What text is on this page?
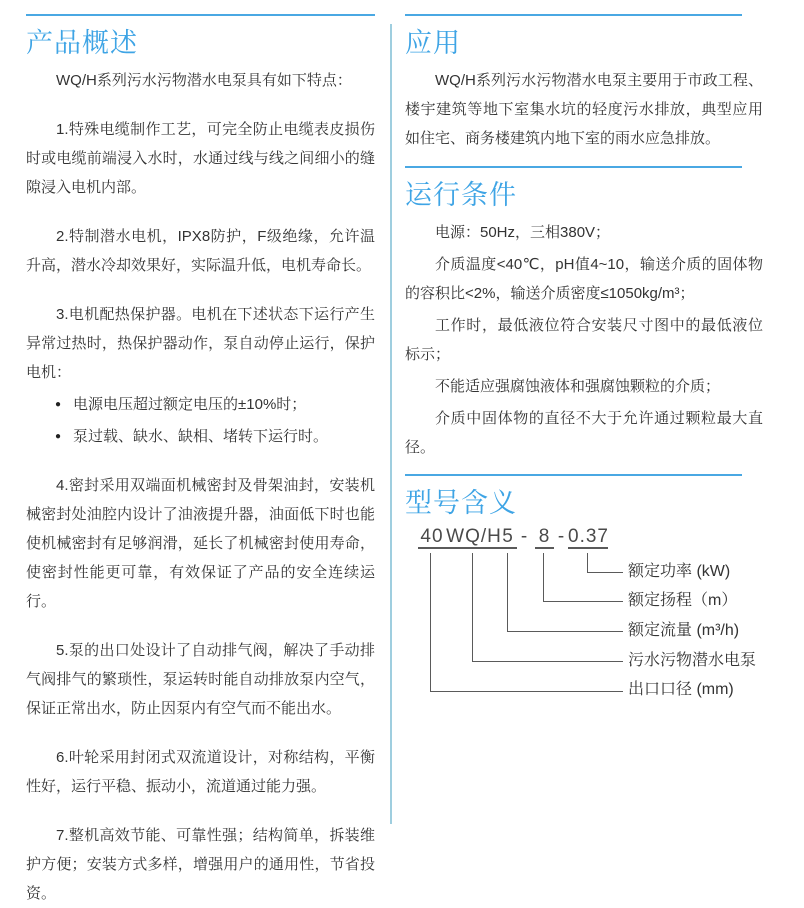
产品概述

WQ/H系列污水污物潜水电泵具有如下特点：

1.特殊电缆制作工艺，可完全防止电缆表皮损伤时或电缆前端浸入水时，水通过线与线之间细小的缝隙浸入电机内部。

2.特制潜水电机，IPX8防护，F级绝缘，允许温升高，潜水冷却效果好，实际温升低，电机寿命长。

3.电机配热保护器。电机在下述状态下运行产生异常过热时，热保护器动作，泵自动停止运行，保护电机：

● 电源电压超过额定电压的±10%时；
● 泵过载、缺水、缺相、堵转下运行时。

4.密封采用双端面机械密封及骨架油封，安装机械密封处油腔内设计了油液提升器，油面低下时也能使机械密封有足够润滑，延长了机械密封使用寿命，使密封性能更可靠，有效保证了产品的安全连续运行。

5.泵的出口处设计了自动排气阀，解决了手动排气阀排气的繁琐性，泵运转时能自动排放泵内空气，保证正常出水，防止因泵内有空气而不能出水。

6.叶轮采用封闭式双流道设计，对称结构，平衡性好，运行平稳、振动小，流道通过能力强。

7.整机高效节能、可靠性强；结构简单，拆装维护方便；安装方式多样，增强用户的通用性，节省投资。

应用

WQ/H系列污水污物潜水电泵主要用于市政工程、楼宇建筑等地下室集水坑的轻度污水排放，典型应用如住宅、商务楼建筑内地下室的雨水应急排放。

运行条件

电源：50Hz，三相380V；

介质温度<40℃，pH值4~10，输送介质的固体物的容积比<2%，输送介质密度≤1050kg/m³；

工作时，最低液位符合安装尺寸图中的最低液位标示；

不能适应强腐蚀液体和强腐蚀颗粒的介质；

介质中固体物的直径不大于允许通过颗粒最大直径。

型号含义
40 WQ/H 5 - 8 - 0.37
额定功率 (kW)
额定扬程（m）
额定流量 (m³/h)
污水污物潜水电泵
出口口径 (mm)
